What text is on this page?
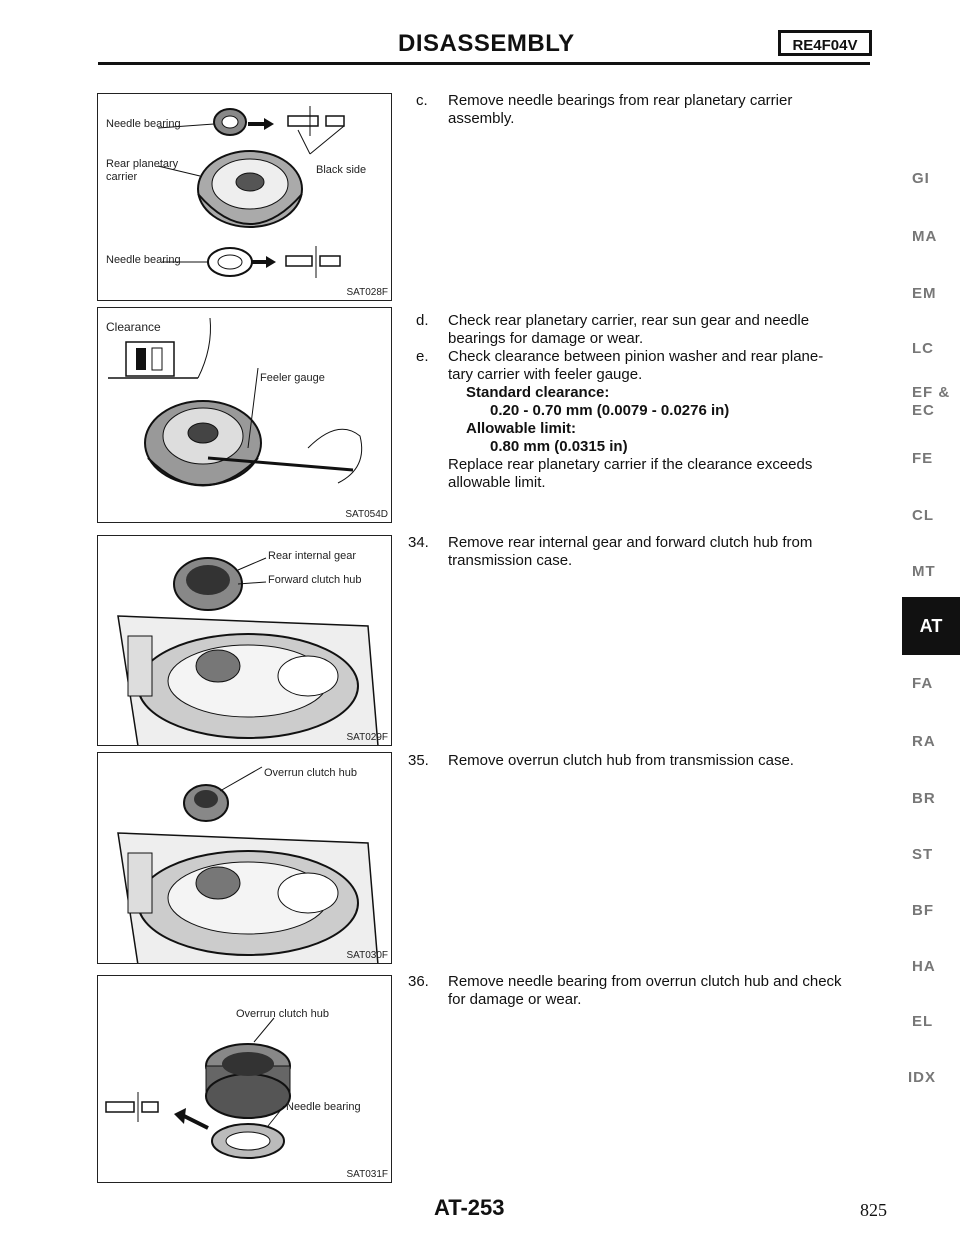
DISASSEMBLY	RE4F04V
Needle bearing
Rear planetary
carrier
Black side
Needle bearing
SAT028F
Clearance
Feeler gauge
SAT054D
Rear internal gear
Forward clutch hub
SAT029F
Overrun clutch hub
SAT030F
Overrun clutch hub
Needle bearing
SAT031F

c. Remove needle bearings from rear planetary carrier
assembly.

d. Check rear planetary carrier, rear sun gear and needle
bearings for damage or wear.

e. Check clearance between pinion washer and rear plane-
tary carrier with feeler gauge.

Standard clearance:
0.20 - 0.70 mm (0.0079 - 0.0276 in)
Allowable limit:
0.80 mm (0.0315 in)

Replace rear planetary carrier if the clearance exceeds
allowable limit.

34. Remove rear internal gear and forward clutch hub from
transmission case.

35. Remove overrun clutch hub from transmission case.

36. Remove needle bearing from overrun clutch hub and check
for damage or wear.

GI
MA
EM
LC
EF &
EC
FE
CL
MT
AT
FA
RA
BR
ST
BF
HA
EL
IDX
AT-253	825
